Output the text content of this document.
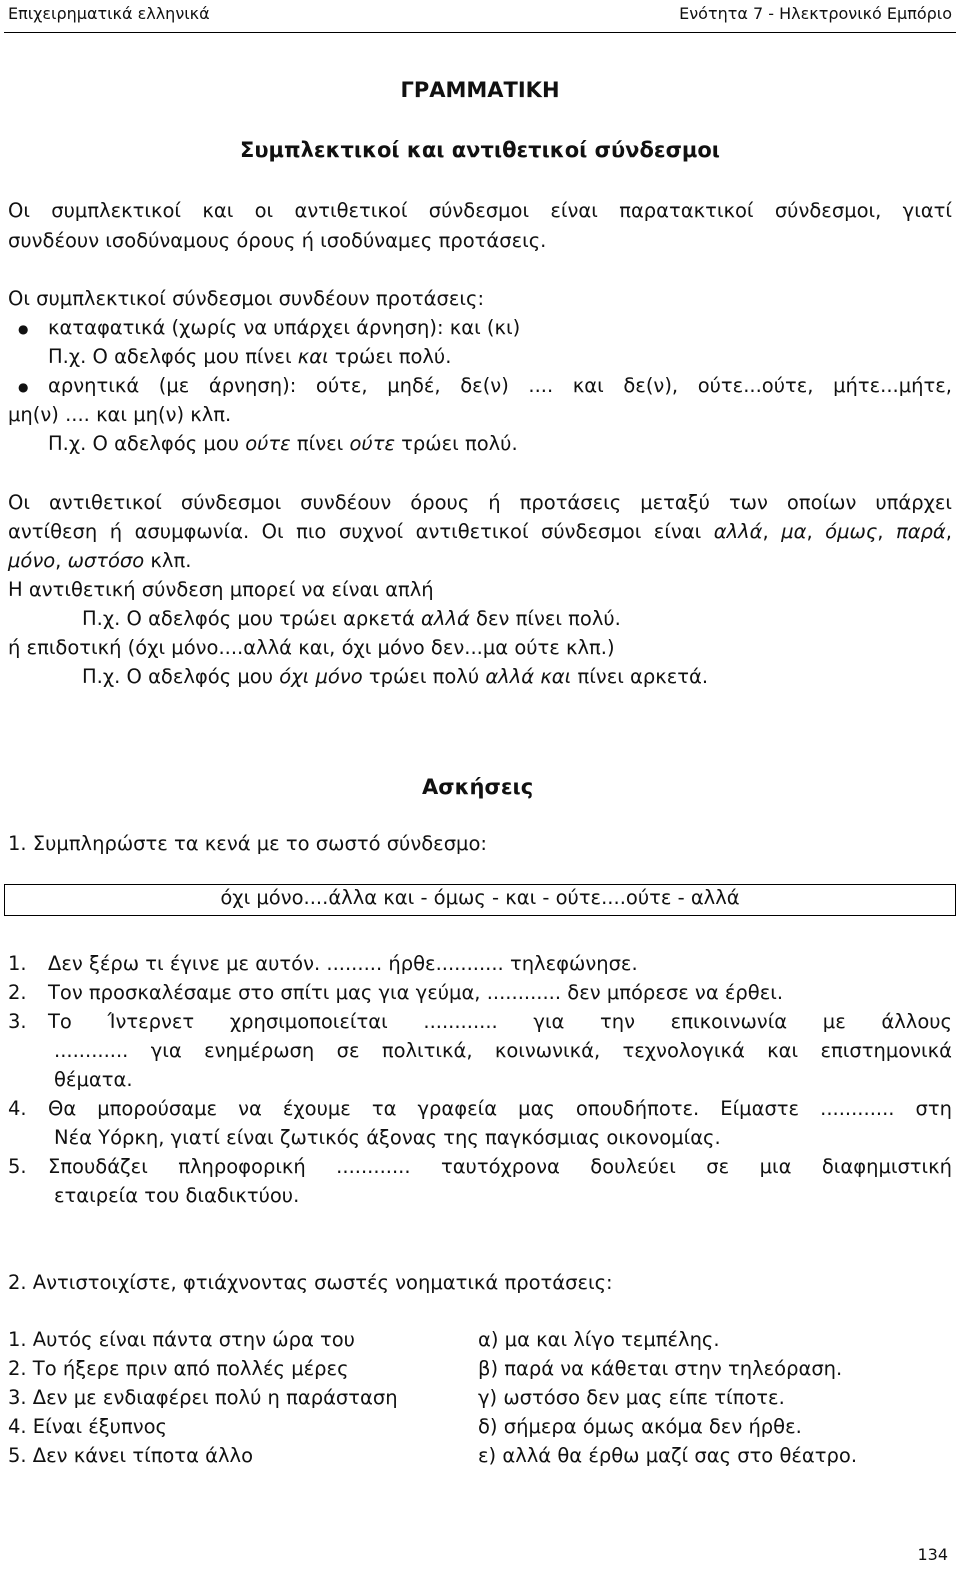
Επιχειρηματικά ελληνικά	Ενότητα 7 - Ηλεκτρονικό Εμπόριο
ΓΡΑΜΜΑΤΙΚΗ
Συμπλεκτικοί και αντιθετικοί σύνδεσμοι
Οι συμπλεκτικοί και οι αντιθετικοί σύνδεσμοι είναι παρατακτικοί σύνδεσμοι, γιατί
συνδέουν ισοδύναμους όρους ή ισοδύναμες προτάσεις.
Οι συμπλεκτικοί σύνδεσμοι συνδέουν προτάσεις:
● καταφατικά (χωρίς να υπάρχει άρνηση): και (κι)
Π.χ. Ο αδελφός μου πίνει και τρώει πολύ.
● αρνητικά (με άρνηση): ούτε, μηδέ, δε(ν) .... και δε(ν), ούτε...ούτε, μήτε...μήτε,
μη(ν) .... και μη(ν) κλπ.
Π.χ. Ο αδελφός μου ούτε πίνει ούτε τρώει πολύ.
Οι αντιθετικοί σύνδεσμοι συνδέουν όρους ή προτάσεις μεταξύ των οποίων υπάρχει
αντίθεση ή ασυμφωνία. Οι πιο συχνοί αντιθετικοί σύνδεσμοι είναι αλλά, μα, όμως, παρά,
μόνο, ωστόσο κλπ.
Η αντιθετική σύνδεση μπορεί να είναι απλή
Π.χ. Ο αδελφός μου τρώει αρκετά αλλά δεν πίνει πολύ.
ή επιδοτική (όχι μόνο....αλλά και, όχι μόνο δεν...μα ούτε κλπ.)
Π.χ. Ο αδελφός μου όχι μόνο τρώει πολύ αλλά και πίνει αρκετά.
Ασκήσεις
1. Συμπληρώστε τα κενά με το σωστό σύνδεσμο:
όχι μόνο....άλλα και - όμως - και - ούτε....ούτε - αλλά
1. Δεν ξέρω τι έγινε με αυτόν. ......... ήρθε........... τηλεφώνησε.
2. Τον προσκαλέσαμε στο σπίτι μας για γεύμα, ............ δεν μπόρεσε να έρθει.
3. Το Ίντερνετ χρησιμοποιείται ............ για την επικοινωνία με άλλους
............ για ενημέρωση σε πολιτικά, κοινωνικά, τεχνολογικά και επιστημονικά
θέματα.
4. Θα μπορούσαμε να έχουμε τα γραφεία μας οπουδήποτε. Είμαστε ............ στη
Νέα Υόρκη, γιατί είναι ζωτικός άξονας της παγκόσμιας οικονομίας.
5. Σπουδάζει πληροφορική ............ ταυτόχρονα δουλεύει σε μια διαφημιστική
εταιρεία του διαδικτύου.
2. Αντιστοιχίστε, φτιάχνοντας σωστές νοηματικά προτάσεις:
1. Αυτός είναι πάντα στην ώρα του
2. Το ήξερε πριν από πολλές μέρες
3. Δεν με ενδιαφέρει πολύ η παράσταση
4. Είναι έξυπνος
5. Δεν κάνει τίποτα άλλο
α) μα και λίγο τεμπέλης.
β) παρά να κάθεται στην τηλεόραση.
γ) ωστόσο δεν μας είπε τίποτε.
δ) σήμερα όμως ακόμα δεν ήρθε.
ε) αλλά θα έρθω μαζί σας στο θέατρο.
134
